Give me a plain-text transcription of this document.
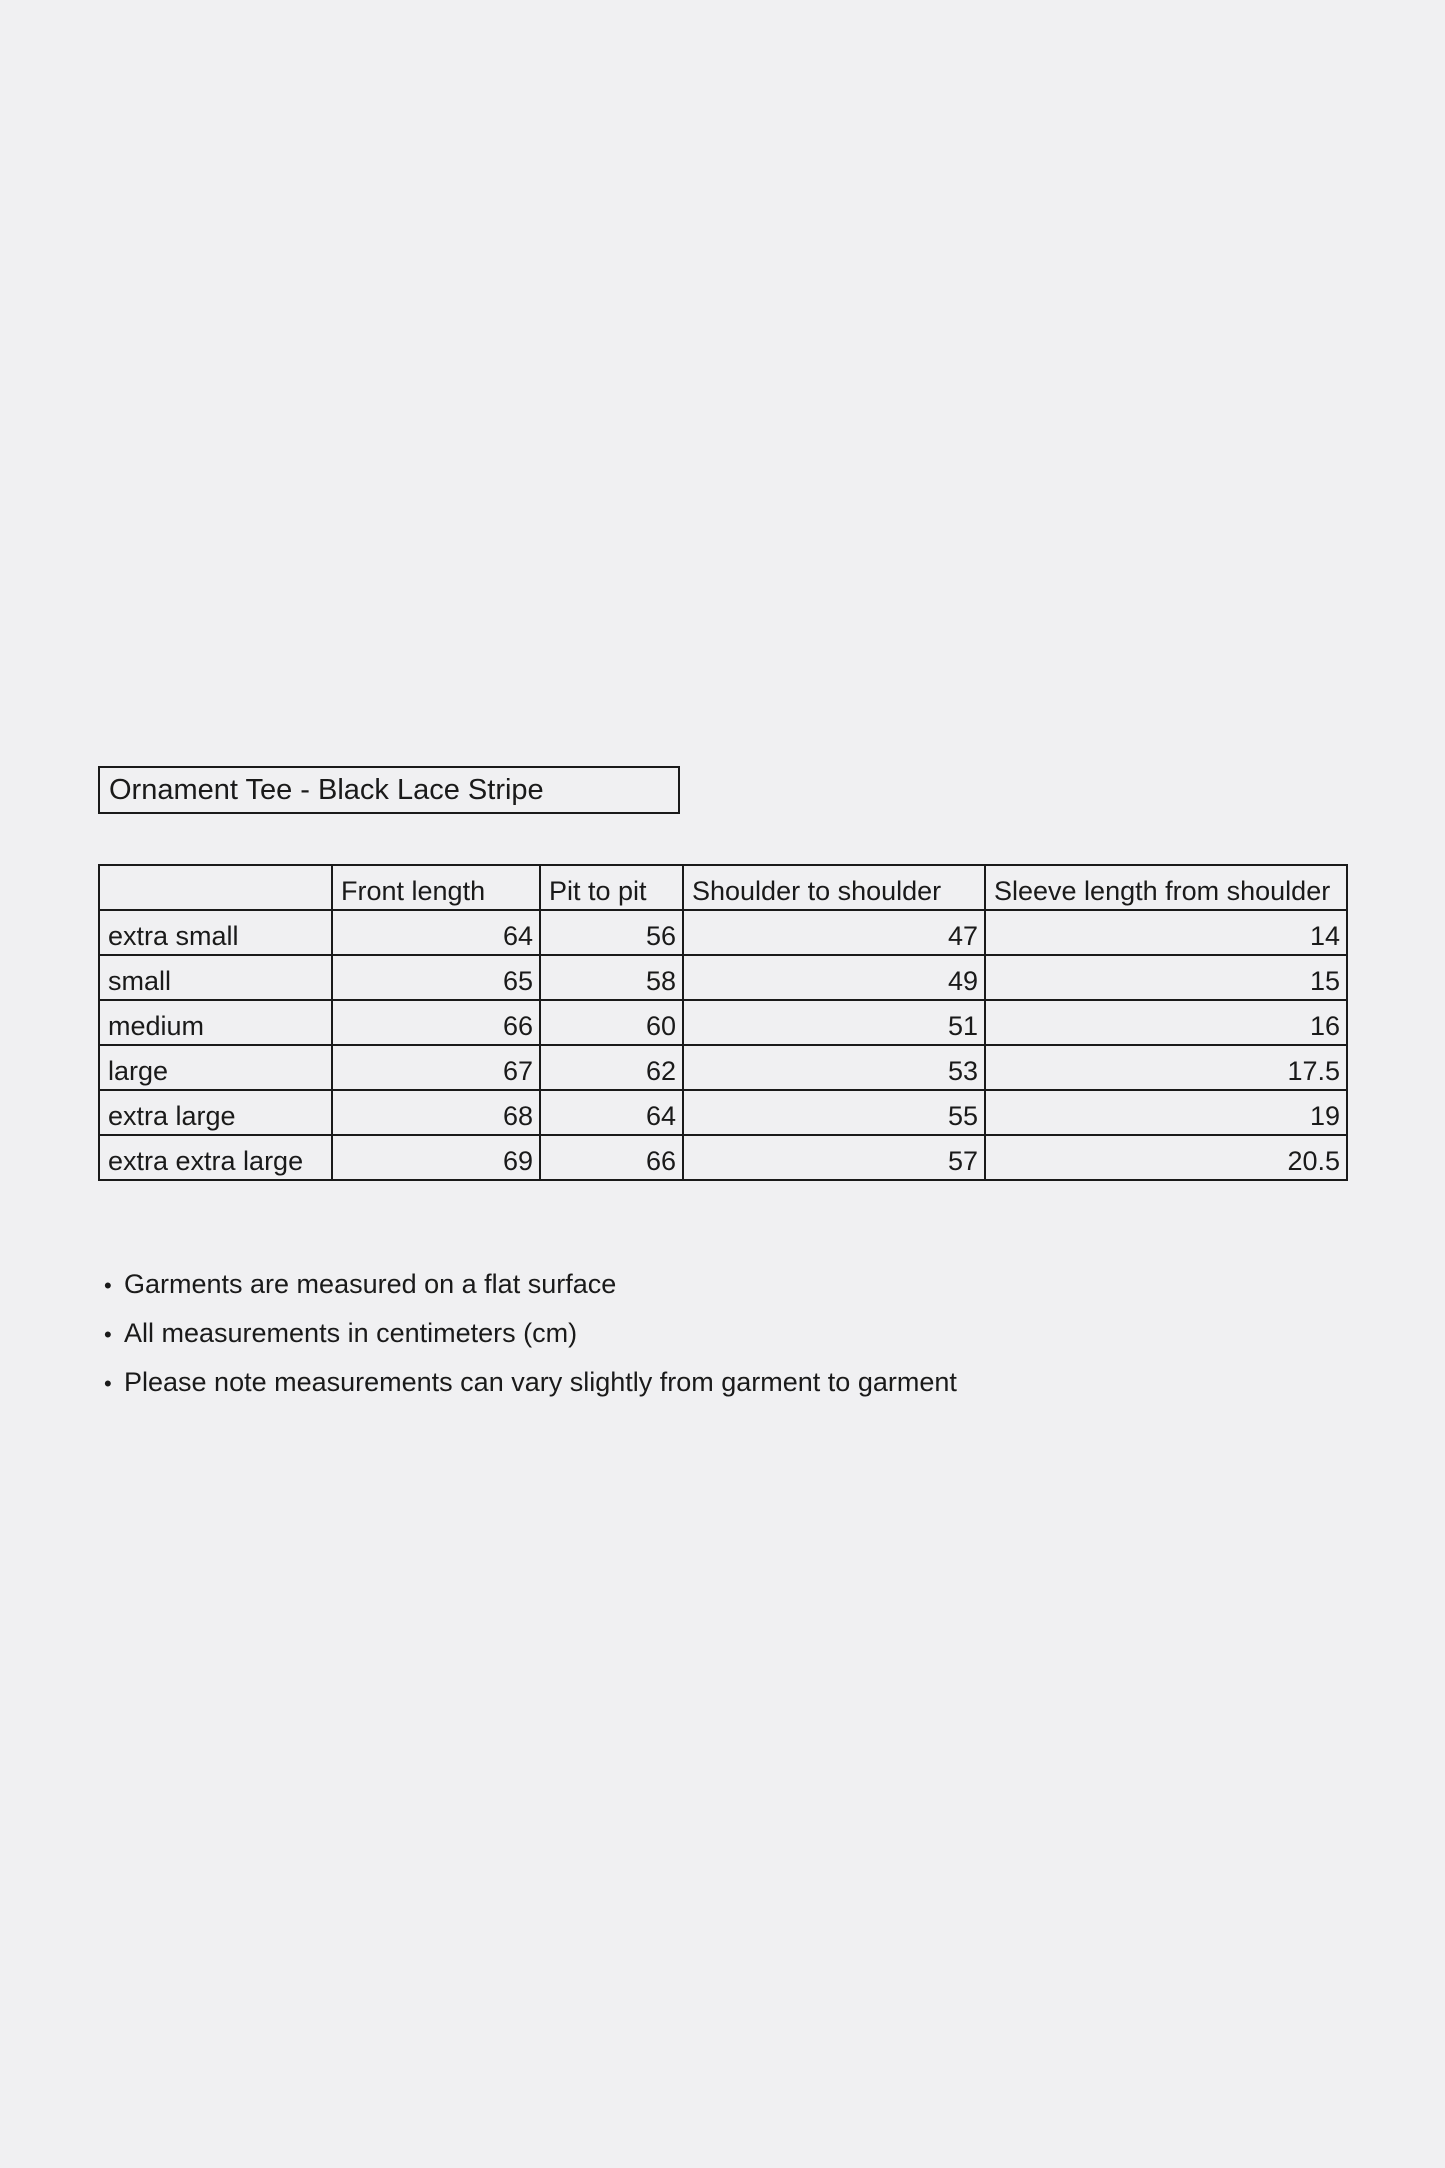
Ornament Tee - Black Lace Stripe
	Front length	Pit to pit	Shoulder to shoulder	Sleeve length from shoulder
extra small	64	56	47	14
small	65	58	49	15
medium	66	60	51	16
large	67	62	53	17.5
extra large	68	64	55	19
extra extra large	69	66	57	20.5
• Garments are measured on a flat surface
• All measurements in centimeters (cm)
• Please note measurements can vary slightly from garment to garment
